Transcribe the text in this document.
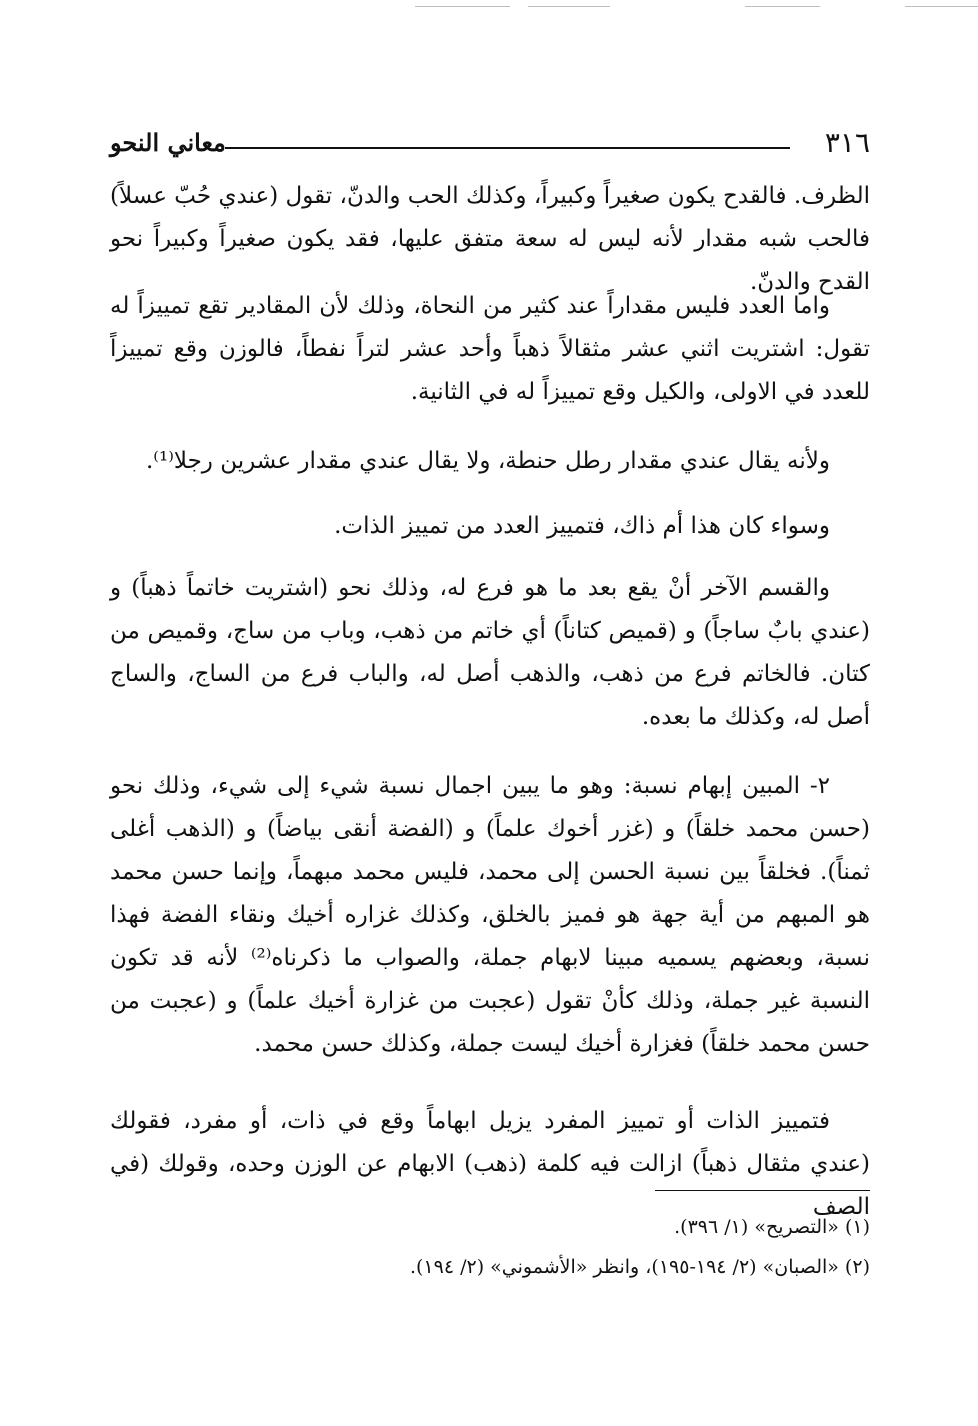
٣١٦
معاني النحو
الظرف. فالقدح يكون صغيراً وكبيراً، وكذلك الحب والدنّ، تقول (عندي حُبّ عسلاً) فالحب شبه مقدار لأنه ليس له سعة متفق عليها، فقد يكون صغيراً وكبيراً نحو القدح والدنّ.
واما العدد فليس مقداراً عند كثير من النحاة، وذلك لأن المقادير تقع تمييزاً له تقول: اشتريت اثني عشر مثقالاً ذهباً وأحد عشر لتراً نفطاً، فالوزن وقع تمييزاً للعدد في الاولى، والكيل وقع تمييزاً له في الثانية.
ولأنه يقال عندي مقدار رطل حنطة، ولا يقال عندي مقدار عشرين رجلا⁽¹⁾.
وسواء كان هذا أم ذاك، فتمييز العدد من تمييز الذات.
والقسم الآخر أنْ يقع بعد ما هو فرع له، وذلك نحو (اشتريت خاتماً ذهباً) و (عندي بابٌ ساجاً) و (قميص كتاناً) أي خاتم من ذهب، وباب من ساج، وقميص من كتان. فالخاتم فرع من ذهب، والذهب أصل له، والباب فرع من الساج، والساج أصل له، وكذلك ما بعده.
٢- المبين إبهام نسبة: وهو ما يبين اجمال نسبة شيء إلى شيء، وذلك نحو (حسن محمد خلقاً) و (غزر أخوك علماً) و (الفضة أنقى بياضاً) و (الذهب أغلى ثمناً). فخلقاً بين نسبة الحسن إلى محمد، فليس محمد مبهماً، وإنما حسن محمد هو المبهم من أية جهة هو فميز بالخلق، وكذلك غزاره أخيك ونقاء الفضة فهذا نسبة، وبعضهم يسميه مبينا لابهام جملة، والصواب ما ذكرناه⁽²⁾ لأنه قد تكون النسبة غير جملة، وذلك كأنْ تقول (عجبت من غزارة أخيك علماً) و (عجبت من حسن محمد خلقاً) فغزارة أخيك ليست جملة، وكذلك حسن محمد.
فتمييز الذات أو تمييز المفرد يزيل ابهاماً وقع في ذات، أو مفرد، فقولك (عندي مثقال ذهباً) ازالت فيه كلمة (ذهب) الابهام عن الوزن وحده، وقولك (في الصف
(١) «التصريح» (١/ ٣٩٦).
(٢) «الصبان» (٢/ ١٩٤-١٩٥)، وانظر «الأشموني» (٢/ ١٩٤).
